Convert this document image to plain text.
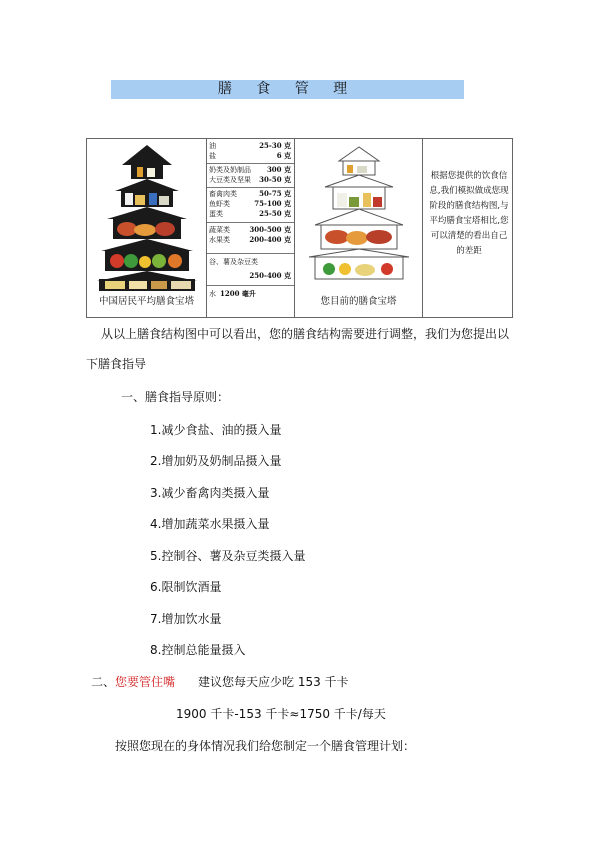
膳 食 管 理
中国居民平均膳食宝塔
油	25-30 克
盐	6 克
奶类及奶制品 300 克
大豆类及坚果 30-50 克
畜禽肉类	50-75 克
鱼虾类	75-100 克
蛋类	25-50 克
蔬菜类	300-500 克
水果类	200-400 克
谷、薯及杂豆类
250-400 克
水 1200 毫升
您目前的膳食宝塔
根据您提供的饮食信息,我们模拟做成您现阶段的膳食结构图,与平均膳食宝塔相比,您可以清楚的看出自己的差距
从以上膳食结构图中可以看出，您的膳食结构需要进行调整，我们为您提出以
下膳食指导
一、膳食指导原则：
1.减少食盐、油的摄入量
2.增加奶及奶制品摄入量
3.减少畜禽肉类摄入量
4.增加蔬菜水果摄入量
5.控制谷、薯及杂豆类摄入量
6.限制饮酒量
7.增加饮水量
8.控制总能量摄入
二、您要管住嘴 建议您每天应少吃 153 千卡
1900 千卡-153 千卡≈1750 千卡/每天
按照您现在的身体情况我们给您制定一个膳食管理计划：
